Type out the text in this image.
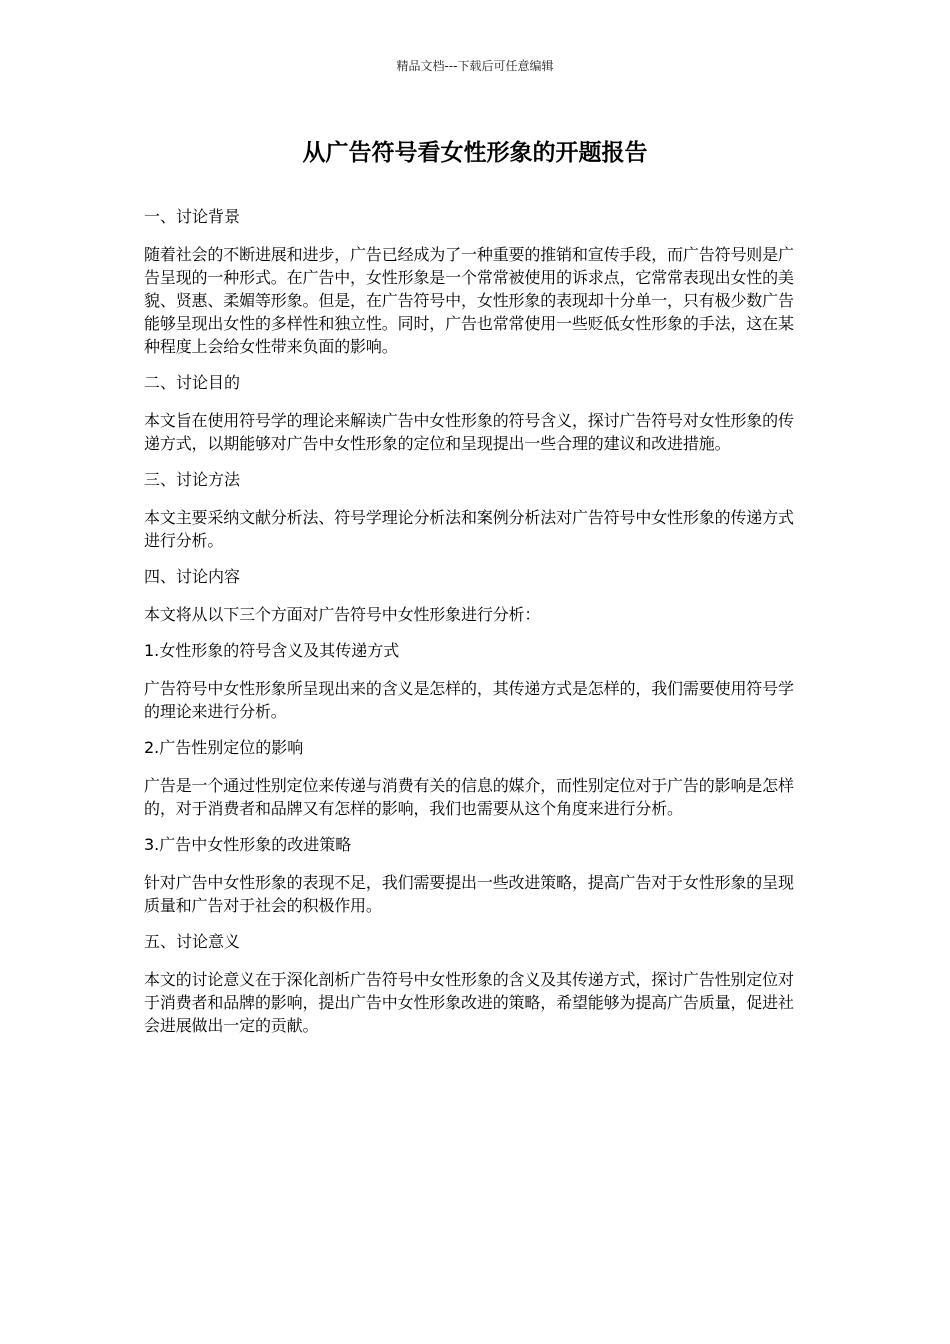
精品文档---下载后可任意编辑
从广告符号看女性形象的开题报告
一、讨论背景

随着社会的不断进展和进步，广告已经成为了一种重要的推销和宣传手段，而广告符号则是广告呈现的一种形式。在广告中，女性形象是一个常常被使用的诉求点，它常常表现出女性的美貌、贤惠、柔媚等形象。但是，在广告符号中，女性形象的表现却十分单一，只有极少数广告能够呈现出女性的多样性和独立性。同时，广告也常常使用一些贬低女性形象的手法，这在某种程度上会给女性带来负面的影响。

二、讨论目的

本文旨在使用符号学的理论来解读广告中女性形象的符号含义，探讨广告符号对女性形象的传递方式，以期能够对广告中女性形象的定位和呈现提出一些合理的建议和改进措施。

三、讨论方法

本文主要采纳文献分析法、符号学理论分析法和案例分析法对广告符号中女性形象的传递方式进行分析。

四、讨论内容

本文将从以下三个方面对广告符号中女性形象进行分析：

1.女性形象的符号含义及其传递方式

广告符号中女性形象所呈现出来的含义是怎样的，其传递方式是怎样的，我们需要使用符号学的理论来进行分析。

2.广告性别定位的影响

广告是一个通过性别定位来传递与消费有关的信息的媒介，而性别定位对于广告的影响是怎样的，对于消费者和品牌又有怎样的影响，我们也需要从这个角度来进行分析。

3.广告中女性形象的改进策略

针对广告中女性形象的表现不足，我们需要提出一些改进策略，提高广告对于女性形象的呈现质量和广告对于社会的积极作用。

五、讨论意义

本文的讨论意义在于深化剖析广告符号中女性形象的含义及其传递方式，探讨广告性别定位对于消费者和品牌的影响，提出广告中女性形象改进的策略，希望能够为提高广告质量，促进社会进展做出一定的贡献。
